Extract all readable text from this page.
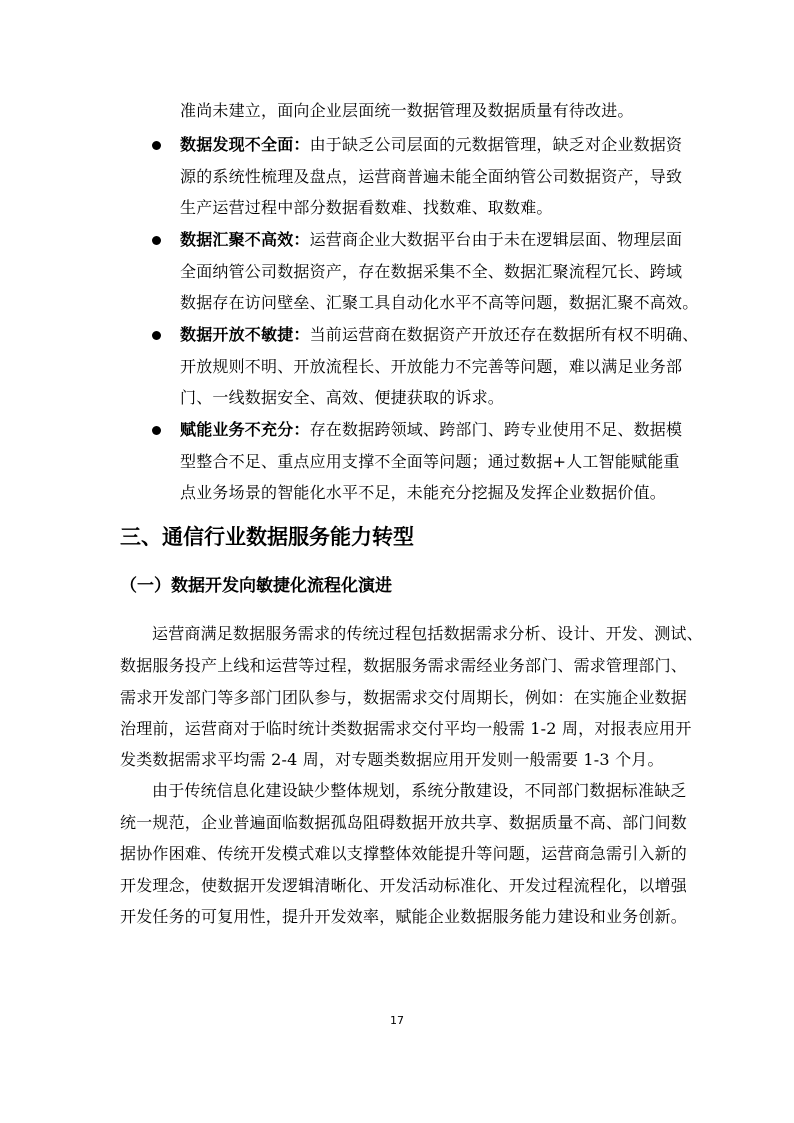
准尚未建立，面向企业层面统一数据管理及数据质量有待改进。
数据发现不全面：由于缺乏公司层面的元数据管理，缺乏对企业数据资
源的系统性梳理及盘点，运营商普遍未能全面纳管公司数据资产，导致
生产运营过程中部分数据看数难、找数难、取数难。
数据汇聚不高效：运营商企业大数据平台由于未在逻辑层面、物理层面
全面纳管公司数据资产，存在数据采集不全、数据汇聚流程冗长、跨域
数据存在访问壁垒、汇聚工具自动化水平不高等问题，数据汇聚不高效。
数据开放不敏捷：当前运营商在数据资产开放还存在数据所有权不明确、
开放规则不明、开放流程长、开放能力不完善等问题，难以满足业务部
门、一线数据安全、高效、便捷获取的诉求。
赋能业务不充分：存在数据跨领域、跨部门、跨专业使用不足、数据模
型整合不足、重点应用支撑不全面等问题；通过数据+人工智能赋能重
点业务场景的智能化水平不足，未能充分挖掘及发挥企业数据价值。
三、通信行业数据服务能力转型
（一）数据开发向敏捷化流程化演进
运营商满足数据服务需求的传统过程包括数据需求分析、设计、开发、测试、
数据服务投产上线和运营等过程，数据服务需求需经业务部门、需求管理部门、
需求开发部门等多部门团队参与，数据需求交付周期长，例如：在实施企业数据
治理前，运营商对于临时统计类数据需求交付平均一般需 1-2 周，对报表应用开
发类数据需求平均需 2-4 周，对专题类数据应用开发则一般需要 1-3 个月。
由于传统信息化建设缺少整体规划，系统分散建设，不同部门数据标准缺乏
统一规范，企业普遍面临数据孤岛阻碍数据开放共享、数据质量不高、部门间数
据协作困难、传统开发模式难以支撑整体效能提升等问题，运营商急需引入新的
开发理念，使数据开发逻辑清晰化、开发活动标准化、开发过程流程化，以增强
开发任务的可复用性，提升开发效率，赋能企业数据服务能力建设和业务创新。
17
